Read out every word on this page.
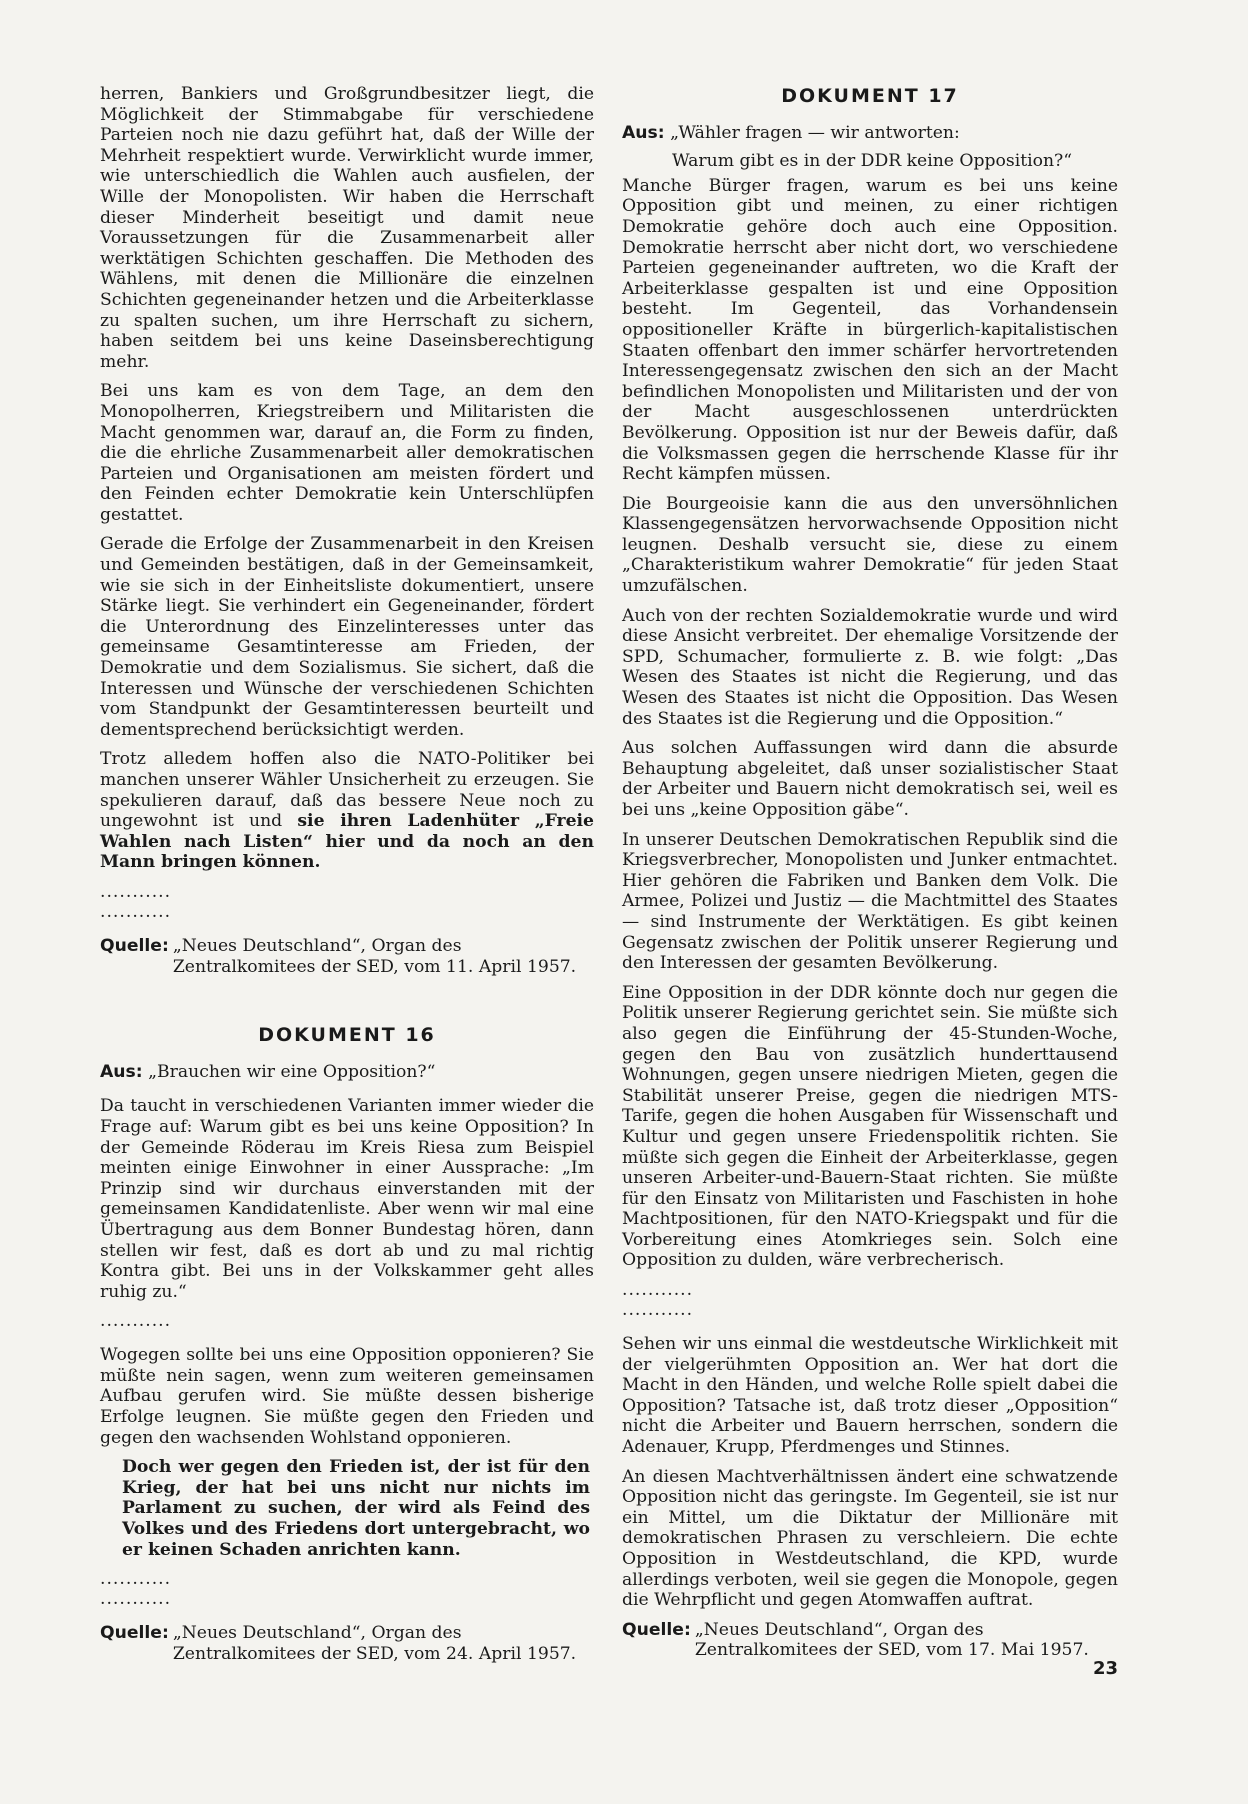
herren, Bankiers und Großgrundbesitzer liegt, die Möglichkeit der Stimmabgabe für verschiedene Parteien noch nie dazu geführt hat, daß der Wille der Mehrheit respektiert wurde. Verwirklicht wurde immer, wie unterschiedlich die Wahlen auch ausfielen, der Wille der Monopolisten. Wir haben die Herrschaft dieser Minderheit beseitigt und damit neue Voraussetzungen für die Zusammenarbeit aller werktätigen Schichten geschaffen. Die Methoden des Wählens, mit denen die Millionäre die einzelnen Schichten gegeneinander hetzen und die Arbeiterklasse zu spalten suchen, um ihre Herrschaft zu sichern, haben seitdem bei uns keine Daseinsberechtigung mehr.

Bei uns kam es von dem Tage, an dem den Monopolherren, Kriegstreibern und Militaristen die Macht genommen war, darauf an, die Form zu finden, die die ehrliche Zusammenarbeit aller demokratischen Parteien und Organisationen am meisten fördert und den Feinden echter Demokratie kein Unterschlüpfen gestattet.

Gerade die Erfolge der Zusammenarbeit in den Kreisen und Gemeinden bestätigen, daß in der Gemeinsamkeit, wie sie sich in der Einheitsliste dokumentiert, unsere Stärke liegt. Sie verhindert ein Gegeneinander, fördert die Unterordnung des Einzelinteresses unter das gemeinsame Gesamtinteresse am Frieden, der Demokratie und dem Sozialismus. Sie sichert, daß die Interessen und Wünsche der verschiedenen Schichten vom Standpunkt der Gesamtinteressen beurteilt und dementsprechend berücksichtigt werden.

Trotz alledem hoffen also die NATO-Politiker bei manchen unserer Wähler Unsicherheit zu erzeugen. Sie spekulieren darauf, daß das bessere Neue noch zu ungewohnt ist und sie ihren Ladenhüter „Freie Wahlen nach Listen“ hier und da noch an den Mann bringen können.

...........

...........

Quelle: „Neues Deutschland“, Organ des Zentralkomitees der SED, vom 11. April 1957.
DOKUMENT 16
Aus: „Brauchen wir eine Opposition?“

Da taucht in verschiedenen Varianten immer wieder die Frage auf: Warum gibt es bei uns keine Opposition? In der Gemeinde Röderau im Kreis Riesa zum Beispiel meinten einige Einwohner in einer Aussprache: „Im Prinzip sind wir durchaus einverstanden mit der gemeinsamen Kandidatenliste. Aber wenn wir mal eine Übertragung aus dem Bonner Bundestag hören, dann stellen wir fest, daß es dort ab und zu mal richtig Kontra gibt. Bei uns in der Volkskammer geht alles ruhig zu.“

...........

Wogegen sollte bei uns eine Opposition opponieren? Sie müßte nein sagen, wenn zum weiteren gemeinsamen Aufbau gerufen wird. Sie müßte dessen bisherige Erfolge leugnen. Sie müßte gegen den Frieden und gegen den wachsenden Wohlstand opponieren.

Doch wer gegen den Frieden ist, der ist für den Krieg, der hat bei uns nicht nur nichts im Parlament zu suchen, der wird als Feind des Volkes und des Friedens dort untergebracht, wo er keinen Schaden anrichten kann.

...........

...........

Quelle: „Neues Deutschland“, Organ des Zentralkomitees der SED, vom 24. April 1957.
DOKUMENT 17
Aus: „Wähler fragen — wir antworten:

Warum gibt es in der DDR keine Opposition?“

Manche Bürger fragen, warum es bei uns keine Opposition gibt und meinen, zu einer richtigen Demokratie gehöre doch auch eine Opposition. Demokratie herrscht aber nicht dort, wo verschiedene Parteien gegeneinander auftreten, wo die Kraft der Arbeiterklasse gespalten ist und eine Opposition besteht. Im Gegenteil, das Vorhandensein oppositioneller Kräfte in bürgerlich-kapitalistischen Staaten offenbart den immer schärfer hervortretenden Interessengegensatz zwischen den sich an der Macht befindlichen Monopolisten und Militaristen und der von der Macht ausgeschlossenen unterdrückten Bevölkerung. Opposition ist nur der Beweis dafür, daß die Volksmassen gegen die herrschende Klasse für ihr Recht kämpfen müssen.

Die Bourgeoisie kann die aus den unversöhnlichen Klassengegensätzen hervorwachsende Opposition nicht leugnen. Deshalb versucht sie, diese zu einem „Charakteristikum wahrer Demokratie“ für jeden Staat umzufälschen.

Auch von der rechten Sozialdemokratie wurde und wird diese Ansicht verbreitet. Der ehemalige Vorsitzende der SPD, Schumacher, formulierte z. B. wie folgt: „Das Wesen des Staates ist nicht die Regierung, und das Wesen des Staates ist nicht die Opposition. Das Wesen des Staates ist die Regierung und die Opposition.“

Aus solchen Auffassungen wird dann die absurde Behauptung abgeleitet, daß unser sozialistischer Staat der Arbeiter und Bauern nicht demokratisch sei, weil es bei uns „keine Opposition gäbe“.

In unserer Deutschen Demokratischen Republik sind die Kriegsverbrecher, Monopolisten und Junker entmachtet. Hier gehören die Fabriken und Banken dem Volk. Die Armee, Polizei und Justiz — die Machtmittel des Staates — sind Instrumente der Werktätigen. Es gibt keinen Gegensatz zwischen der Politik unserer Regierung und den Interessen der gesamten Bevölkerung.

Eine Opposition in der DDR könnte doch nur gegen die Politik unserer Regierung gerichtet sein. Sie müßte sich also gegen die Einführung der 45-Stunden-Woche, gegen den Bau von zusätzlich hunderttausend Wohnungen, gegen unsere niedrigen Mieten, gegen die Stabilität unserer Preise, gegen die niedrigen MTS-Tarife, gegen die hohen Ausgaben für Wissenschaft und Kultur und gegen unsere Friedenspolitik richten. Sie müßte sich gegen die Einheit der Arbeiterklasse, gegen unseren Arbeiter-und-Bauern-Staat richten. Sie müßte für den Einsatz von Militaristen und Faschisten in hohe Machtpositionen, für den NATO-Kriegspakt und für die Vorbereitung eines Atomkrieges sein. Solch eine Opposition zu dulden, wäre verbrecherisch.

...........

...........

Sehen wir uns einmal die westdeutsche Wirklichkeit mit der vielgerühmten Opposition an. Wer hat dort die Macht in den Händen, und welche Rolle spielt dabei die Opposition? Tatsache ist, daß trotz dieser „Opposition“ nicht die Arbeiter und Bauern herrschen, sondern die Adenauer, Krupp, Pferdmenges und Stinnes.

An diesen Machtverhältnissen ändert eine schwatzende Opposition nicht das geringste. Im Gegenteil, sie ist nur ein Mittel, um die Diktatur der Millionäre mit demokratischen Phrasen zu verschleiern. Die echte Opposition in Westdeutschland, die KPD, wurde allerdings verboten, weil sie gegen die Monopole, gegen die Wehrpflicht und gegen Atomwaffen auftrat.

Quelle: „Neues Deutschland“, Organ des Zentralkomitees der SED, vom 17. Mai 1957.
23
